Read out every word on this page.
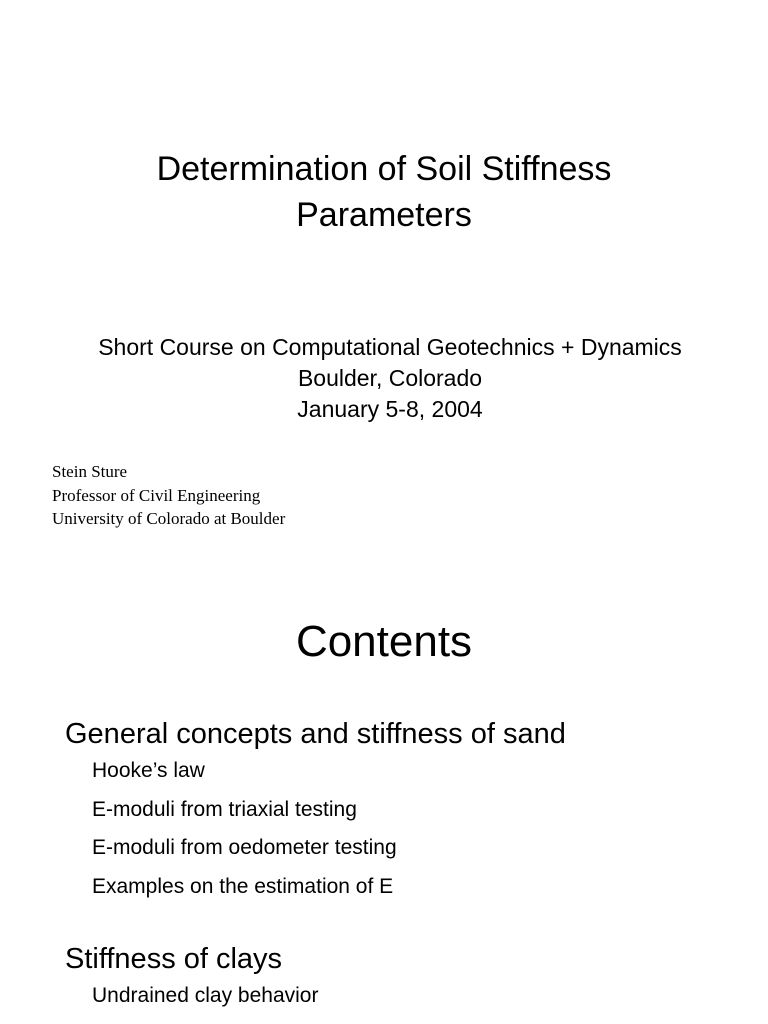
Determination of Soil Stiffness
Parameters
Short Course on Computational Geotechnics + Dynamics
Boulder, Colorado
January 5-8, 2004
Stein Sture
Professor of Civil Engineering
University of Colorado at Boulder
Contents
General concepts and stiffness of sand
Hooke’s law
E-moduli from triaxial testing
E-moduli from oedometer testing
Examples on the estimation of E
Stiffness of clays
Undrained clay behavior
